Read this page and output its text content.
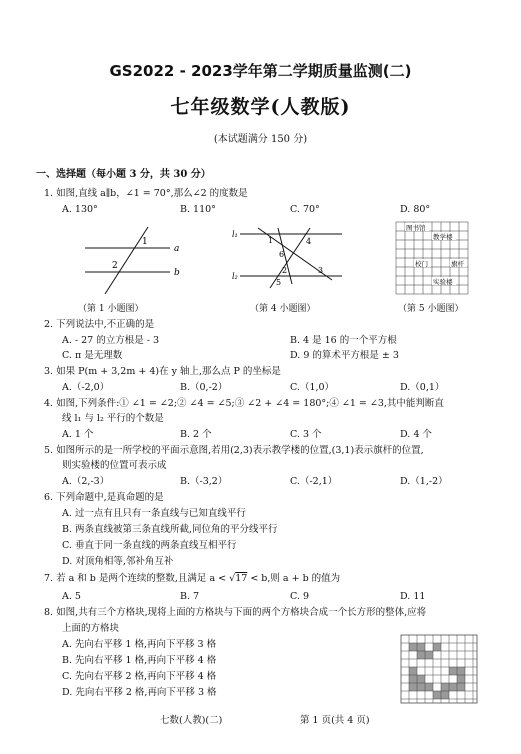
GS2022 - 2023学年第二学期质量监测(二)
七年级数学(人教版)
(本试题满分 150 分)
一、选择题（每小题 3 分，共 30 分）
1. 如图,直线 a∥b，∠1 = 70°,那么∠2 的度数是
A. 130°	B. 110°	C. 70°	D. 80°
1
2
a
b
l₁
l₂
1
2	3
4
5
6
图书馆
教学楼
旗杆
校门
实验楼
（第 1 小题图）	（第 4 小题图）	（第 5 小题图）
2. 下列说法中,不正确的是
A. - 27 的立方根是 - 3	B. 4 是 16 的一个平方根
C. π 是无理数	D. 9 的算术平方根是 ± 3
3. 如果 P(m + 3,2m + 4)在 y 轴上,那么点 P 的坐标是
A.（-2,0）	B.（0,-2）	C.（1,0）	D.（0,1）
4. 如图,下列条件:① ∠1 = ∠2;② ∠4 = ∠5;③ ∠2 + ∠4 = 180°;④ ∠1 = ∠3,其中能判断直
线 l₁ 与 l₂ 平行的个数是
A. 1 个	B. 2 个	C. 3 个	D. 4 个
5. 如图所示的是一所学校的平面示意图,若用(2,3)表示教学楼的位置,(3,1)表示旗杆的位置,
则实验楼的位置可表示成
A.（2,-3）	B.（-3,2）	C.（-2,1）	D.（1,-2）
6. 下列命题中,是真命题的是
A. 过一点有且只有一条直线与已知直线平行
B. 两条直线被第三条直线所截,同位角的平分线平行
C. 垂直于同一条直线的两条直线互相平行
D. 对顶角相等,邻补角互补
7. 若 a 和 b 是两个连续的整数,且满足 a < √17 < b,则 a + b 的值为
A. 5	B. 7	C. 9	D. 11
8. 如图,共有三个方格块,现将上面的方格块与下面的两个方格块合成一个长方形的整体,应将
上面的方格块
A. 先向右平移 1 格,再向下平移 3 格
B. 先向右平移 1 格,再向下平移 4 格
C. 先向右平移 2 格,再向下平移 4 格
D. 先向右平移 2 格,再向下平移 3 格
七数(人教)(二)	第 1 页(共 4 页)
